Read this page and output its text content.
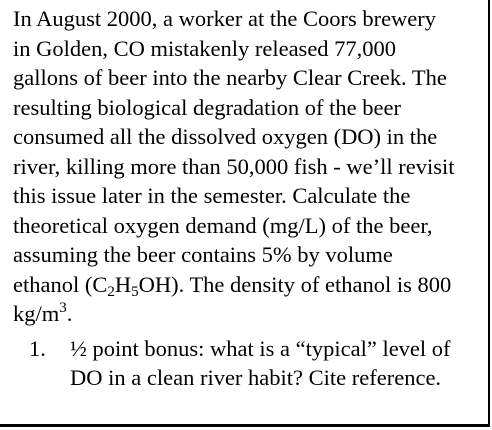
In August 2000, a worker at the Coors brewery
in Golden, CO mistakenly released 77,000
gallons of beer into the nearby Clear Creek. The
resulting biological degradation of the beer
consumed all the dissolved oxygen (DO) in the
river, killing more than 50,000 fish - we’ll revisit
this issue later in the semester. Calculate the
theoretical oxygen demand (mg/L) of the beer,
assuming the beer contains 5% by volume
ethanol $(C_2H_5OH)$. The density of ethanol is 800
$kg/m^3$.
1. ½ point bonus: what is a “typical” level of
DO in a clean river habit? Cite reference.
